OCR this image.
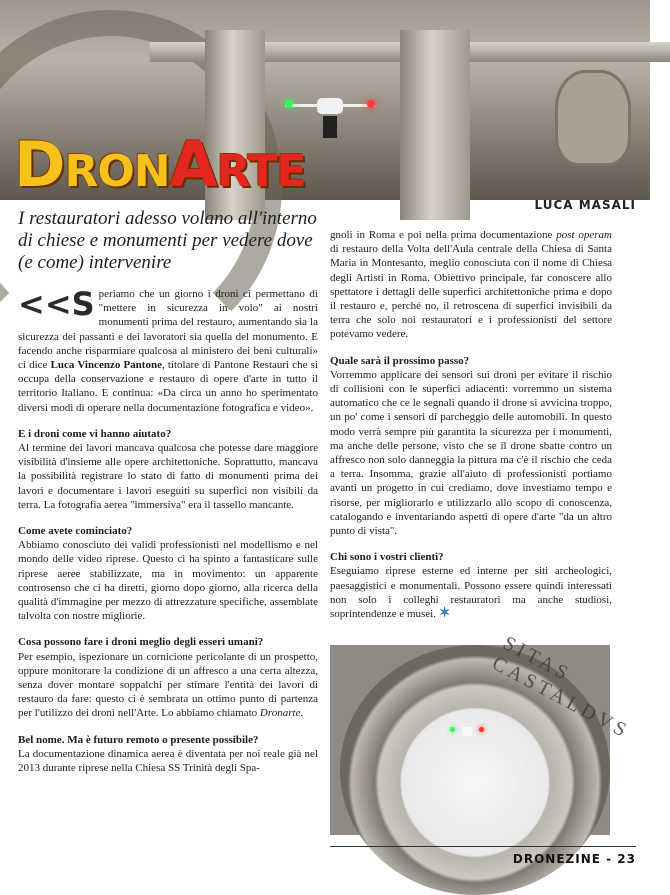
DRONARTE
LUCA MASALI

I restauratori adesso volano all'interno di chiese e monumenti per vedere dove (e come) intervenire

<<S periamo che un giorno i droni ci permettano di "mettere in sicurezza in volo" ai nostri monumenti prima del restauro, aumentando sia la sicurezza dei passanti e dei lavoratori sia quella del monumento. E facendo anche risparmiare qualcosa al ministero dei beni culturali» ci dice Luca Vincenzo Pantone, titolare di Pantone Restauri che si occupa della conservazione e restauro di opere d'arte in tutto il territorio Italiano. E continua: «Da circa un anno ho sperimentato diversi modi di operare nella documentazione fotografica e video».

E i droni come vi hanno aiutato?

Al termine dei lavori mancava qualcosa che potesse dare maggiore visibilità d'insieme alle opere architettoniche. Soprattutto, mancava la possibilità registrare lo stato di fatto di monumenti prima dei lavori e documentare i lavori eseguiti su superfici non visibili da terra. La fotografia aerea "immersiva" era il tassello mancante.

Come avete cominciato?

Abbiamo conosciuto dei validi professionisti nel modellismo e nel mondo delle video riprese. Questo ci ha spinto a fantasticare sulle riprese aeree stabilizzate, ma in movimento: un apparente controsenso che ci ha diretti, giorno dopo giorno, alla ricerca della qualità d'immagine per mezzo di attrezzature specifiche, assemblate talvolta con nostre migliorie.

Cosa possono fare i droni meglio degli esseri umani?

Per esempio, ispezionare un cornicione pericolante di un prospetto, oppure monitorare la condizione di un affresco a una certa altezza, senza dover montare soppalchi per stimare l'entità dei lavori di restauro da fare: questo ci è sembrata un ottimo punto di partenza per l'utilizzo dei droni nell'Arte. Lo abbiamo chiamato Dronarte.

Bel nome. Ma è futuro remoto o presente possibile?

La documentazione dinamica aerea è diventata per noi reale già nel 2013 durante riprese nella Chiesa SS Trinità degli Spa-

gnoli in Roma e poi nella prima documentazione post operam di restauro della Volta dell'Aula centrale della Chiesa di Santa Maria in Montesanto, meglio conosciuta con il nome di Chiesa degli Artisti in Roma. Obiettivo principale, far conoscere allo spettatore i dettagli delle superfici architettoniche prima e dopo il restauro e, perché no, il retroscena di superfici invisibili da terra che solo noi restauratori e i professionisti del settore potevamo vedere.

Quale sarà il prossimo passo?

Vorremmo applicare dei sensori sui droni per evitare il rischio di collisioni con le superfici adiacenti: vorremmo un sistema automatico che ce le segnali quando il drone si avvicina troppo, un po' come i sensori di parcheggio delle automobili. In questo modo verrà sempre più garantita la sicurezza per i monumenti, ma anche delle persone, visto che se il drone sbatte contro un affresco non solo danneggia la pittura ma c'è il rischio che ceda a terra. Insomma, grazie all'aiuto di professionisti portiamo avanti un progetto in cui crediamo, dove investiamo tempo e risorse, per migliorarlo e utilizzarlo allo scopo di conoscenza, catalogando e inventariando aspetti di opere d'arte "da un altro punto di vista".

Chi sono i vostri clienti?

Eseguiamo riprese esterne ed interne per siti archeologici, paesaggistici e monumentali. Possono essere quindi interessati non solo i colleghi restauratori ma anche studiosi, soprintendenze e musei. ✶

SITAS CASTALDVS
DRONEZINE - 23
